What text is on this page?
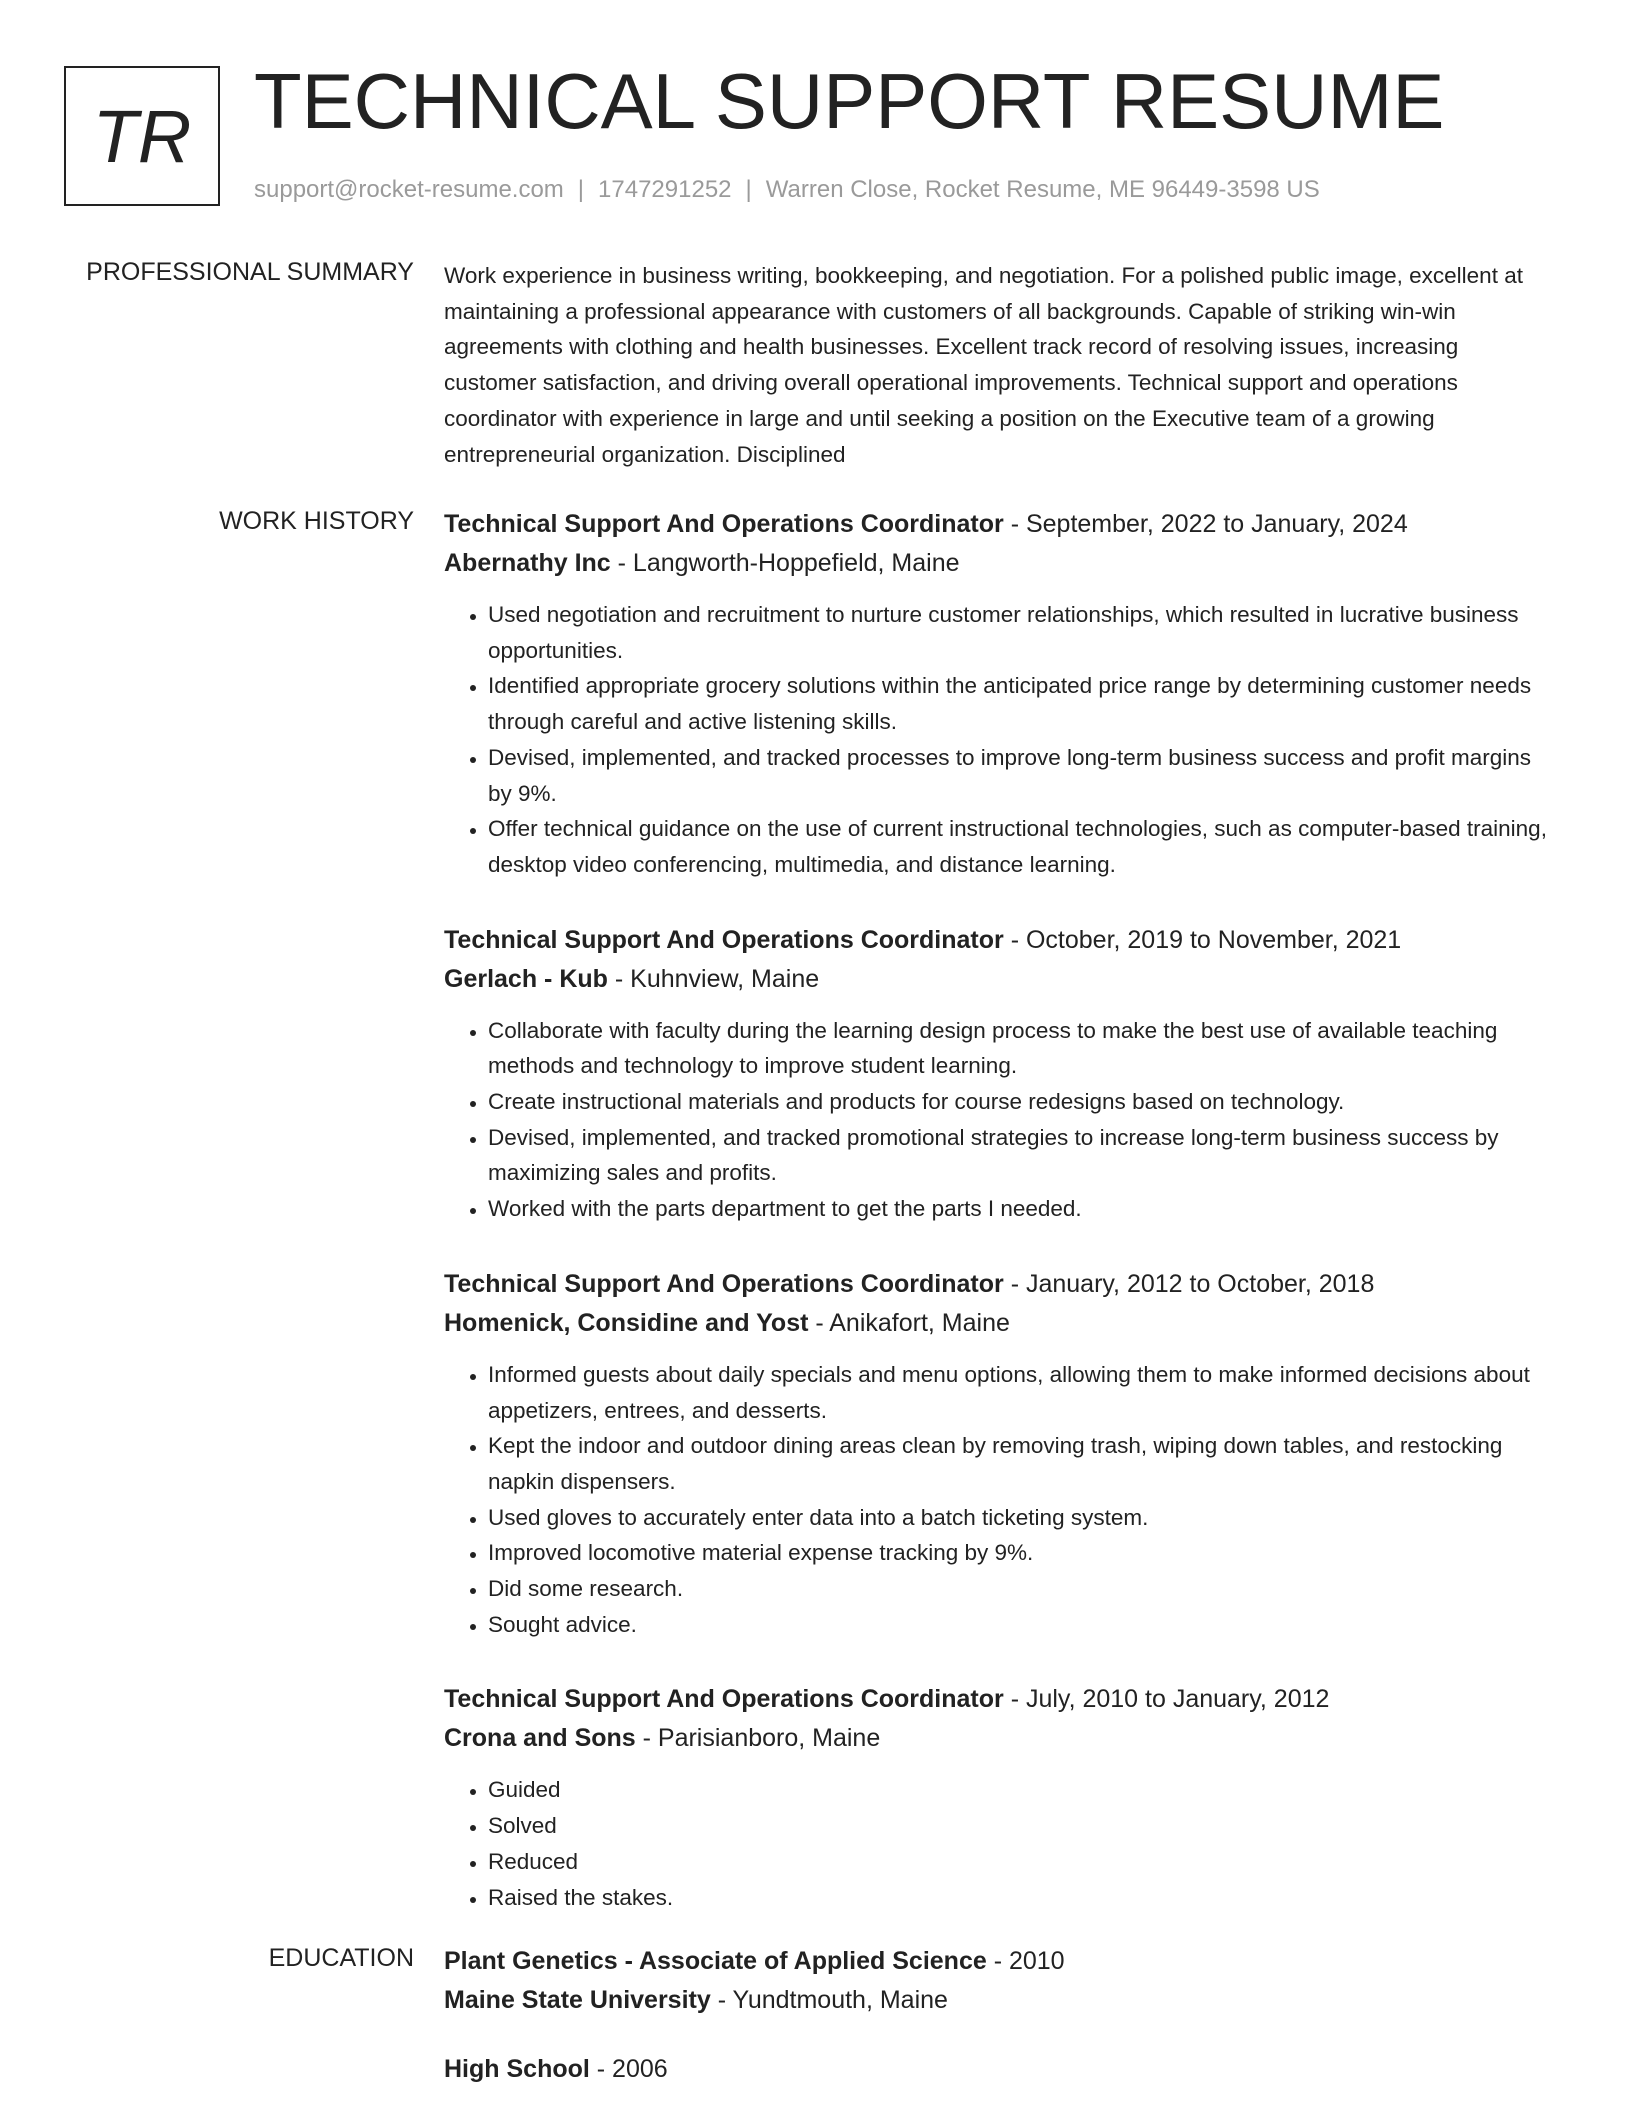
TR TECHNICAL SUPPORT RESUME
support@rocket-resume.com | 1747291252 | Warren Close, Rocket Resume, ME 96449-3598 US
PROFESSIONAL SUMMARY Work experience in business writing, bookkeeping, and negotiation. For a polished public image, excellent at maintaining a professional appearance with customers of all backgrounds. Capable of striking win-win agreements with clothing and health businesses. Excellent track record of resolving issues, increasing customer satisfaction, and driving overall operational improvements. Technical support and operations coordinator with experience in large and until seeking a position on the Executive team of a growing entrepreneurial organization. Disciplined

WORK HISTORY Technical Support And Operations Coordinator - September, 2022 to January, 2024
Abernathy Inc - Langworth-Hoppefield, Maine
• Used negotiation and recruitment to nurture customer relationships, which resulted in lucrative business opportunities.
• Identified appropriate grocery solutions within the anticipated price range by determining customer needs through careful and active listening skills.
• Devised, implemented, and tracked processes to improve long-term business success and profit margins by 9%.
• Offer technical guidance on the use of current instructional technologies, such as computer-based training, desktop video conferencing, multimedia, and distance learning.
Technical Support And Operations Coordinator - October, 2019 to November, 2021
Gerlach - Kub - Kuhnview, Maine
• Collaborate with faculty during the learning design process to make the best use of available teaching methods and technology to improve student learning.
• Create instructional materials and products for course redesigns based on technology.
• Devised, implemented, and tracked promotional strategies to increase long-term business success by maximizing sales and profits.
• Worked with the parts department to get the parts I needed.
Technical Support And Operations Coordinator - January, 2012 to October, 2018
Homenick, Considine and Yost - Anikafort, Maine
• Informed guests about daily specials and menu options, allowing them to make informed decisions about appetizers, entrees, and desserts.
• Kept the indoor and outdoor dining areas clean by removing trash, wiping down tables, and restocking napkin dispensers.
• Used gloves to accurately enter data into a batch ticketing system.
• Improved locomotive material expense tracking by 9%.
• Did some research.
• Sought advice.
Technical Support And Operations Coordinator - July, 2010 to January, 2012
Crona and Sons - Parisianboro, Maine
• Guided
• Solved
• Reduced
• Raised the stakes.
EDUCATION Plant Genetics - Associate of Applied Science - 2010
Maine State University - Yundtmouth, Maine
High School - 2006
